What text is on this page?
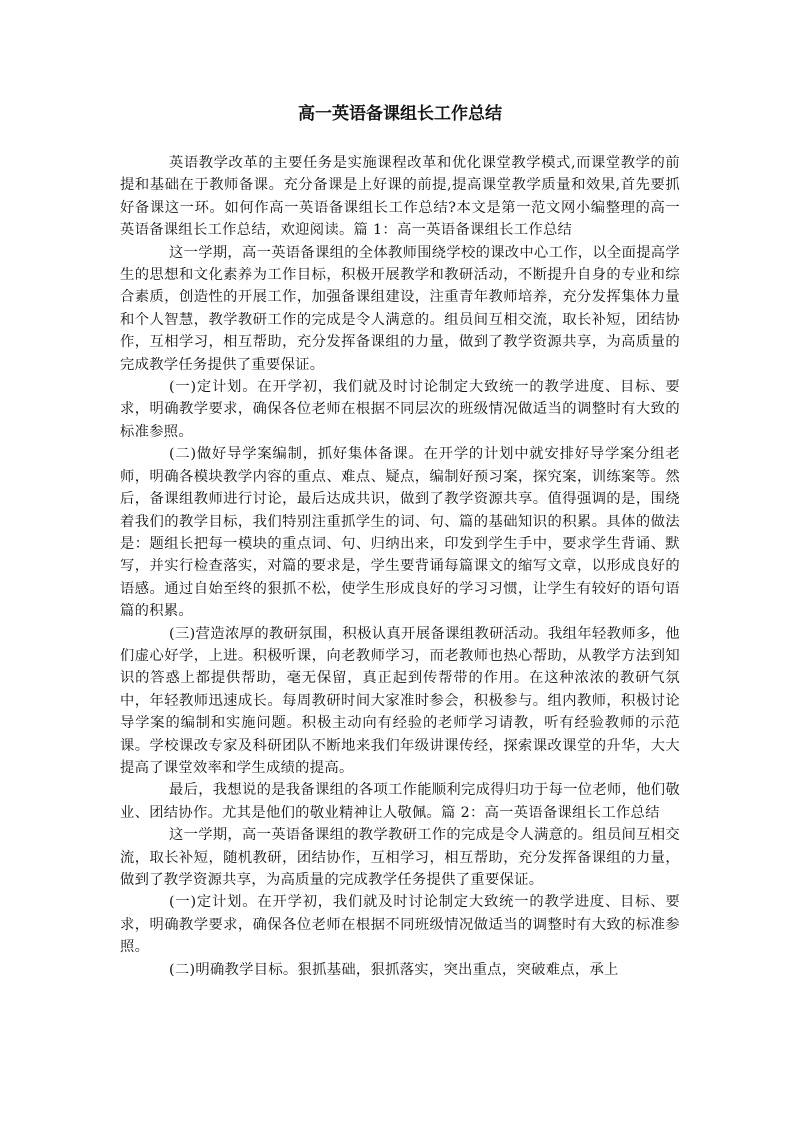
高一英语备课组长工作总结

英语教学改革的主要任务是实施课程改革和优化课堂教学模式,而课堂教学的前提和基础在于教师备课。充分备课是上好课的前提,提高课堂教学质量和效果,首先要抓好备课这一环。如何作高一英语备课组长工作总结?本文是第一范文网小编整理的高一英语备课组长工作总结，欢迎阅读。篇 1：高一英语备课组长工作总结

这一学期，高一英语备课组的全体教师围绕学校的课改中心工作，以全面提高学生的思想和文化素养为工作目标，积极开展教学和教研活动，不断提升自身的专业和综合素质，创造性的开展工作，加强备课组建设，注重青年教师培养，充分发挥集体力量和个人智慧，教学教研工作的完成是令人满意的。组员间互相交流，取长补短，团结协作，互相学习，相互帮助，充分发挥备课组的力量，做到了教学资源共享，为高质量的完成教学任务提供了重要保证。

(一)定计划。在开学初，我们就及时讨论制定大致统一的教学进度、目标、要求，明确教学要求，确保各位老师在根据不同层次的班级情况做适当的调整时有大致的标准参照。

(二)做好导学案编制，抓好集体备课。在开学的计划中就安排好导学案分组老师，明确各模块教学内容的重点、难点、疑点，编制好预习案，探究案，训练案等。然后，备课组教师进行讨论，最后达成共识，做到了教学资源共享。值得强调的是，围绕着我们的教学目标，我们特别注重抓学生的词、句、篇的基础知识的积累。具体的做法是：题组长把每一模块的重点词、句、归纳出来，印发到学生手中，要求学生背诵、默写，并实行检查落实，对篇的要求是，学生要背诵每篇课文的缩写文章，以形成良好的语感。通过自始至终的狠抓不松，使学生形成良好的学习习惯，让学生有较好的语句语篇的积累。

(三)营造浓厚的教研氛围，积极认真开展备课组教研活动。我组年轻教师多，他们虚心好学，上进。积极听课，向老教师学习，而老教师也热心帮助，从教学方法到知识的答惑上都提供帮助，毫无保留，真正起到传帮带的作用。在这种浓浓的教研气氛中，年轻教师迅速成长。每周教研时间大家准时参会，积极参与。组内教师，积极讨论导学案的编制和实施问题。积极主动向有经验的老师学习请教，听有经验教师的示范课。学校课改专家及科研团队不断地来我们年级讲课传经，探索课改课堂的升华，大大提高了课堂效率和学生成绩的提高。

最后，我想说的是我备课组的各项工作能顺利完成得归功于每一位老师，他们敬业、团结协作。尤其是他们的敬业精神让人敬佩。篇 2：高一英语备课组长工作总结

这一学期，高一英语备课组的教学教研工作的完成是令人满意的。组员间互相交流，取长补短，随机教研，团结协作，互相学习，相互帮助，充分发挥备课组的力量，做到了教学资源共享，为高质量的完成教学任务提供了重要保证。

(一)定计划。在开学初，我们就及时讨论制定大致统一的教学进度、目标、要求，明确教学要求，确保各位老师在根据不同班级情况做适当的调整时有大致的标准参照。

(二)明确教学目标。狠抓基础，狠抓落实，突出重点，突破难点，承上
